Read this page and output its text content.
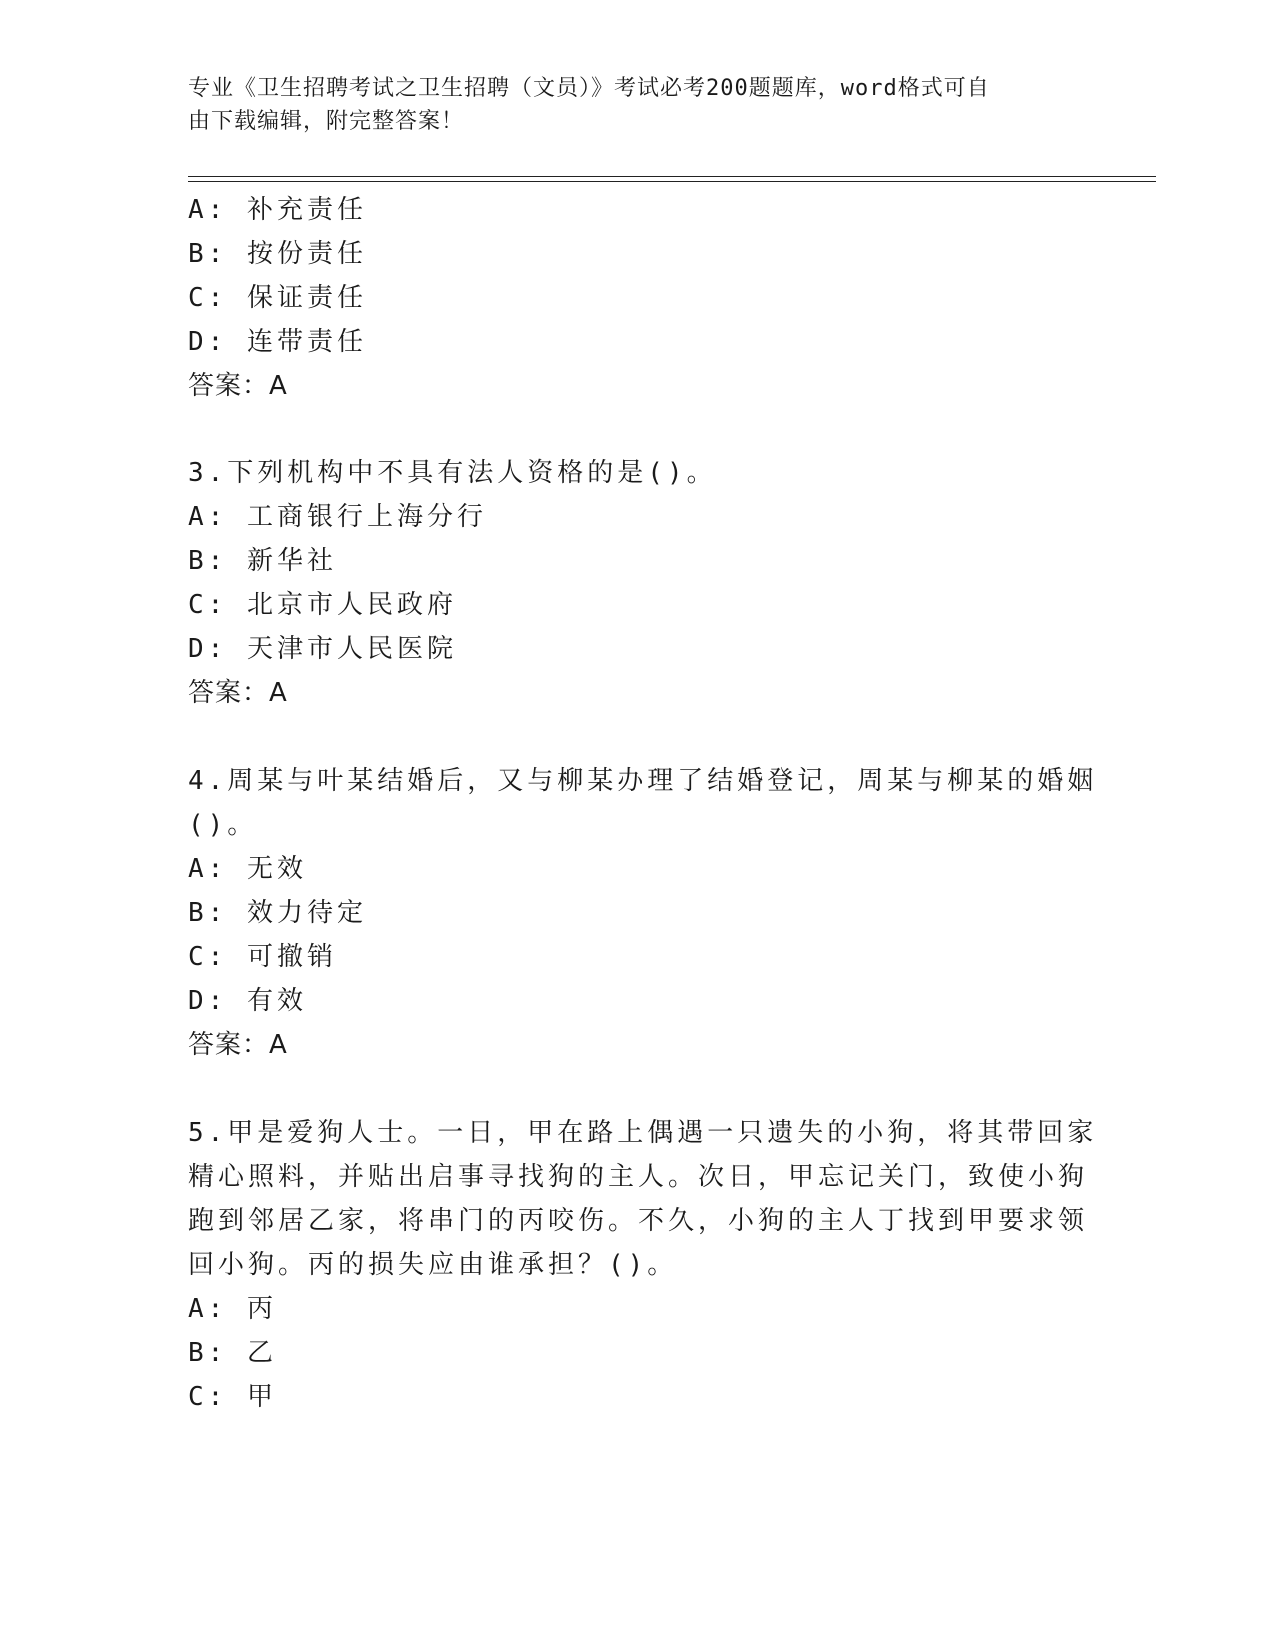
专业《卫生招聘考试之卫生招聘（文员）》考试必考200题题库，word格式可自
由下载编辑，附完整答案！
A: 补充责任
B: 按份责任
C: 保证责任
D: 连带责任
答案：A
3.下列机构中不具有法人资格的是()。
A: 工商银行上海分行
B: 新华社
C: 北京市人民政府
D: 天津市人民医院
答案：A
4.周某与叶某结婚后，又与柳某办理了结婚登记，周某与柳某的婚姻
()。
A: 无效
B: 效力待定
C: 可撤销
D: 有效
答案：A
5.甲是爱狗人士。一日，甲在路上偶遇一只遗失的小狗，将其带回家
精心照料，并贴出启事寻找狗的主人。次日，甲忘记关门，致使小狗
跑到邻居乙家，将串门的丙咬伤。不久，小狗的主人丁找到甲要求领
回小狗。丙的损失应由谁承担？()。
A: 丙
B: 乙
C: 甲
